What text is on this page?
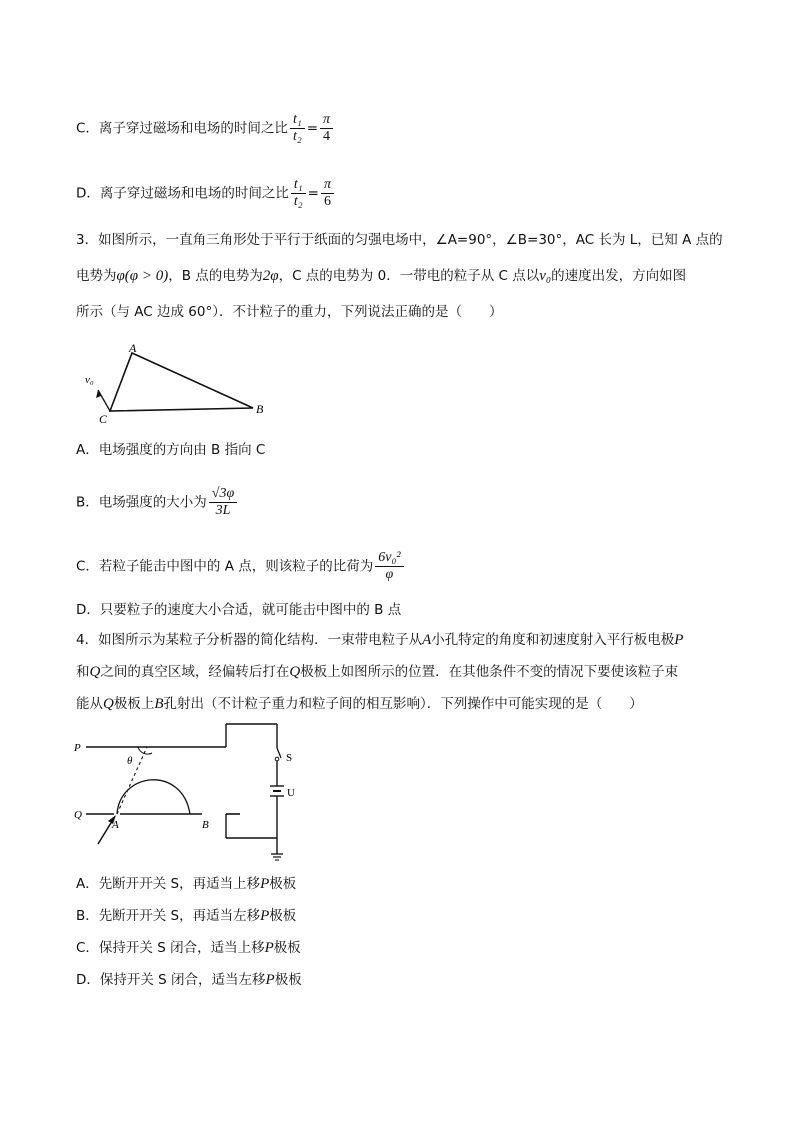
C．离子穿过磁场和电场的时间之比 $\frac{\text{t₁}}{\text{t₂}} = \frac{\pi}{4}$
D．离子穿过磁场和电场的时间之比 $\frac{\text{t₁}}{\text{t₂}} = \frac{\pi}{6}$
3．如图所示，一直角三角形处于平行于纸面的匀强电场中，∠A=90°，∠B=30°，AC 长为 L，已知 A 点的
电势为φ(φ > 0)，B 点的电势为2φ，C 点的电势为 0．一带电的粒子从 C 点以v₀的速度出发，方向如图
所示（与 AC 边成 60°）．不计粒子的重力，下列说法正确的是（　　）
A
B
C
v₀
A．电场强度的方向由 B 指向 C
B．电场强度的大小为 $\frac{√3\varphi}{3L}$
C．若粒子能击中图中的 A 点，则该粒子的比荷为 $\frac{\text{6v₀²}}{\varphi}$
D．只要粒子的速度大小合适，就可能击中图中的 B 点
4．如图所示为某粒子分析器的简化结构．一束带电粒子从A小孔特定的角度和初速度射入平行板电极P
和Q之间的真空区域，经偏转后打在Q极板上如图所示的位置．在其他条件不变的情况下要使该粒子束
能从Q极板上B孔射出（不计粒子重力和粒子间的相互影响）．下列操作中可能实现的是（　　）
P
Q
A	B
θ	S
U
A．先断开开关 S，再适当上移P极板
B．先断开开关 S，再适当左移P极板
C．保持开关 S 闭合，适当上移P极板
D．保持开关 S 闭合，适当左移P极板
